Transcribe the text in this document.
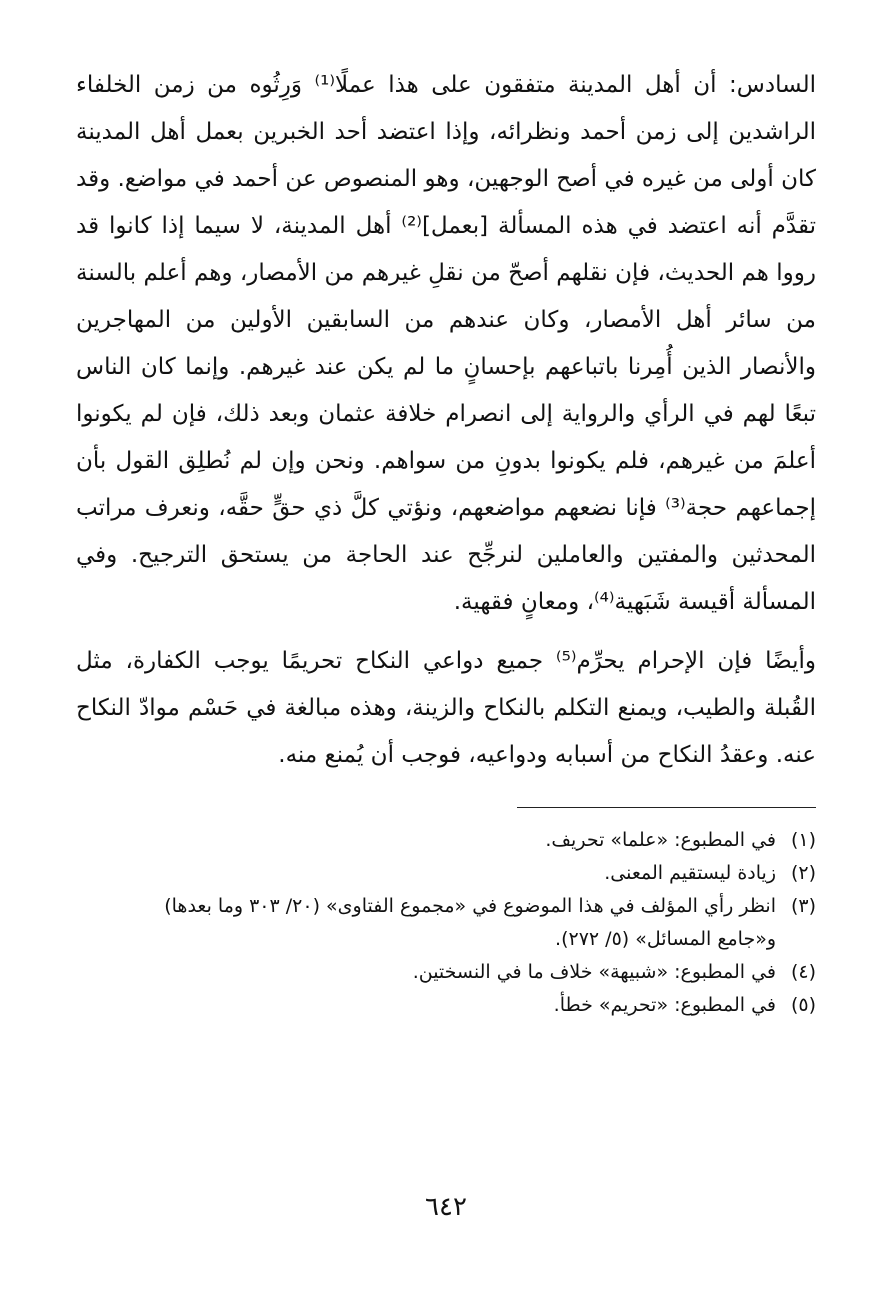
السادس: أن أهل المدينة متفقون على هذا عملًا⁽¹⁾ وَرِثُوه من زمن الخلفاء الراشدين إلى زمن أحمد ونظرائه، وإذا اعتضد أحد الخبرين بعمل أهل المدينة كان أولى من غيره في أصح الوجهين، وهو المنصوص عن أحمد في مواضع. وقد تقدَّم أنه اعتضد في هذه المسألة [بعمل]⁽²⁾ أهل المدينة، لا سيما إذا كانوا قد رووا هم الحديث، فإن نقلهم أصحّ من نقلِ غيرهم من الأمصار، وهم أعلم بالسنة من سائر أهل الأمصار، وكان عندهم من السابقين الأولين من المهاجرين والأنصار الذين أُمِرنا باتباعهم بإحسانٍ ما لم يكن عند غيرهم. وإنما كان الناس تبعًا لهم في الرأي والرواية إلى انصرام خلافة عثمان وبعد ذلك، فإن لم يكونوا أعلمَ من غيرهم، فلم يكونوا بدونِ من سواهم. ونحن وإن لم نُطلِق القول بأن إجماعهم حجة⁽³⁾ فإنا نضعهم مواضعهم، ونؤتي كلَّ ذي حقٍّ حقَّه، ونعرف مراتب المحدثين والمفتين والعاملين لنرجِّح عند الحاجة من يستحق الترجيح. وفي المسألة أقيسة شَبَهية⁽⁴⁾، ومعانٍ فقهية.

وأيضًا فإن الإحرام يحرِّم⁽⁵⁾ جميع دواعي النكاح تحريمًا يوجب الكفارة، مثل القُبلة والطيب، ويمنع التكلم بالنكاح والزينة، وهذه مبالغة في حَسْم موادّ النكاح عنه. وعقدُ النكاح من أسبابه ودواعيه، فوجب أن يُمنع منه.

(١)
في المطبوع: «علما» تحريف.
(٢)
زيادة ليستقيم المعنى.
(٣)
انظر رأي المؤلف في هذا الموضوع في «مجموع الفتاوى» (٢٠/ ٣٠٣ وما بعدها)
و«جامع المسائل» (٥/ ٢٧٢).
(٤)
في المطبوع: «شبيهة» خلاف ما في النسختين.
(٥)
في المطبوع: «تحريم» خطأ.
٦٤٢
